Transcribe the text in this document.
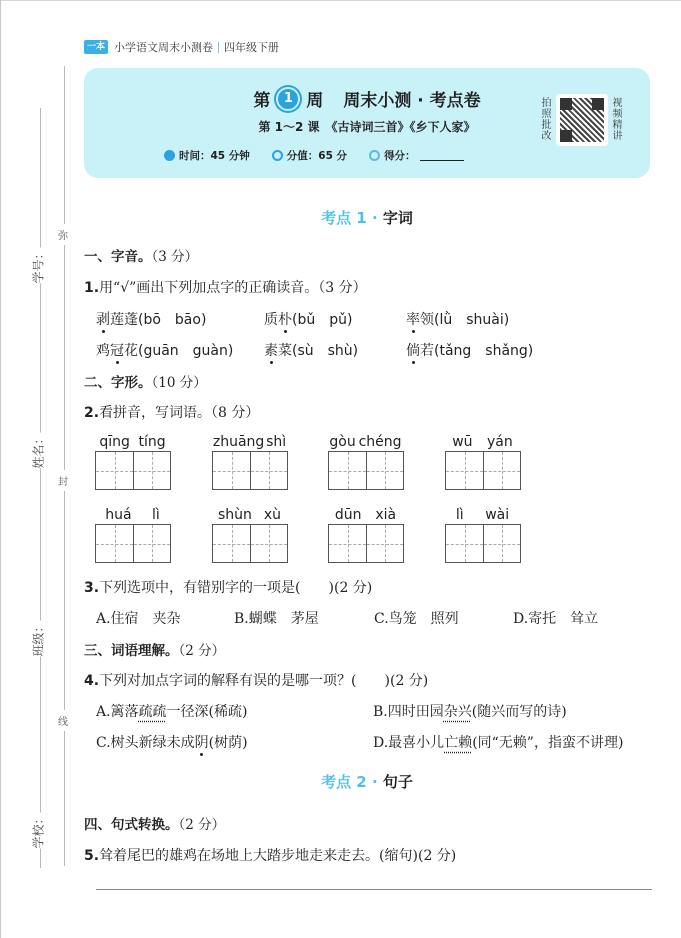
一本 小学语文周末小测卷 四年级下册
学号：
姓名：
班级：
学校：
弥
封
线
第	1 周 周末小测 · 考点卷
第 1～2 课　《古诗词三首》《乡下人家》
时间：45 分钟	分值：65 分	得分：
拍照批改
视频精讲
考点 1 · 字词
一、字音。（3 分）
1.用“√”画出下列加点字的正确读音。（3 分）
剥莲蓬(bō　bāo)	质朴(bǔ　pǔ)	率领(lǜ　shuài)
鸡冠花(guān　guàn) 素菜(sù　shù)	倘若(tǎng　shǎng)
二、字形。（10 分）
2.看拼音，写词语。（8 分）
qīng tíng	zhuāng shì	gòu chéng	wū yán
huá lì	shùn xù	dūn xià	lì wài
3.下列选项中，有错别字的一项是(　　)(2 分)
A.住宿　夹杂	B.蝴蝶　茅屋	C.鸟笼　照列	D.寄托　耸立
三、词语理解。（2 分）
4.下列对加点字词的解释有误的是哪一项？(　　)(2 分)
A.篱落疏疏一径深(稀疏)	B.四时田园杂兴(随兴而写的诗)
C.树头新绿未成阴(树荫)	D.最喜小儿亡赖(同“无赖”，指蛮不讲理)
考点 2 · 句子
四、句式转换。（2 分）
5.耸着尾巴的雄鸡在场地上大踏步地走来走去。(缩句)(2 分)
